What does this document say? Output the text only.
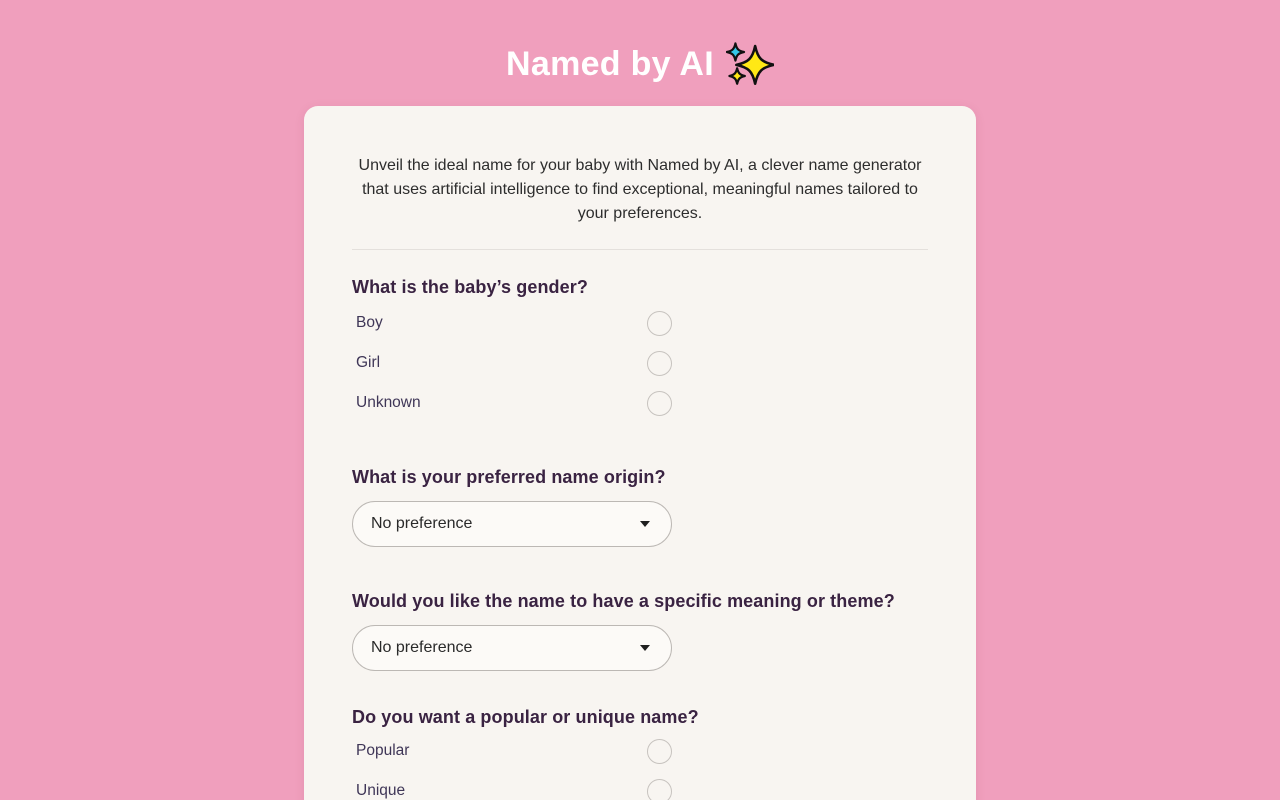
Named by AI

Unveil the ideal name for your baby with Named by AI, a clever name generator that uses artificial intelligence to find exceptional, meaningful names tailored to your preferences.

What is the baby’s gender?
Boy
Girl
Unknown
What is your preferred name origin?
No preference
Would you like the name to have a specific meaning or theme?
No preference
Do you want a popular or unique name?
Popular
Unique
